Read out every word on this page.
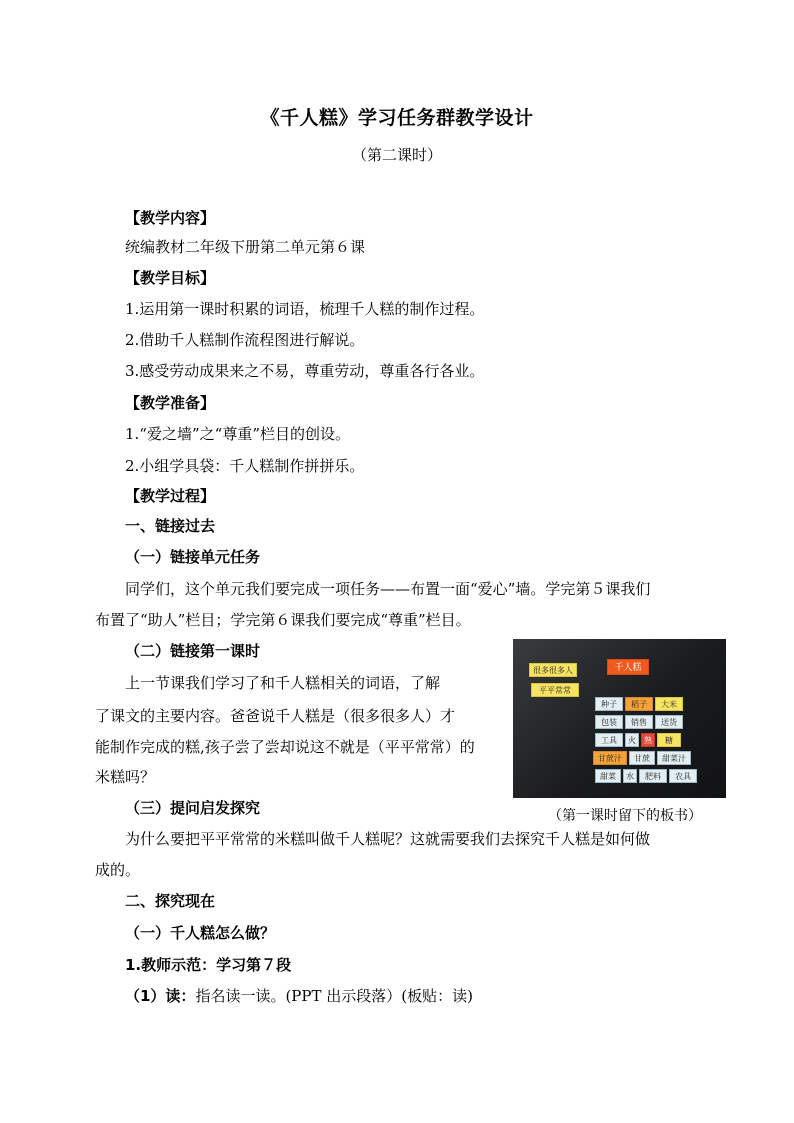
《千人糕》学习任务群教学设计
（第二课时）
【教学内容】
统编教材二年级下册第二单元第６课
【教学目标】
1.运用第一课时积累的词语，梳理千人糕的制作过程。
2.借助千人糕制作流程图进行解说。
3.感受劳动成果来之不易，尊重劳动，尊重各行各业。
【教学准备】
1.“爱之墙”之“尊重”栏目的创设。
2.小组学具袋：千人糕制作拼拼乐。
【教学过程】
一、链接过去
（一）链接单元任务
同学们，这个单元我们要完成一项任务——布置一面“爱心”墙。学完第５课我们
布置了“助人”栏目；学完第６课我们要完成“尊重”栏目。
（二）链接第一课时
上一节课我们学习了和千人糕相关的词语，了解
了课文的主要内容。爸爸说千人糕是（很多很多人）才
能制作完成的糕,孩子尝了尝却说这不就是（平平常常）的
米糕吗？
（三）提问启发探究
为什么要把平平常常的米糕叫做千人糕呢？这就需要我们去探究千人糕是如何做
成的。
二、探究现在
（一）千人糕怎么做？
1.教师示范：学习第７段
（1）读：指名读一读。(PPT 出示段落）(板贴：读)
很多很多人
平平常常
千人糕
种子	稻子	大米
包装	销售	送货
工具	火	熟	糖
甘蔗汁	甘蔗	甜菜汁
甜菜	水	肥料	农具
（第一课时留下的板书）
